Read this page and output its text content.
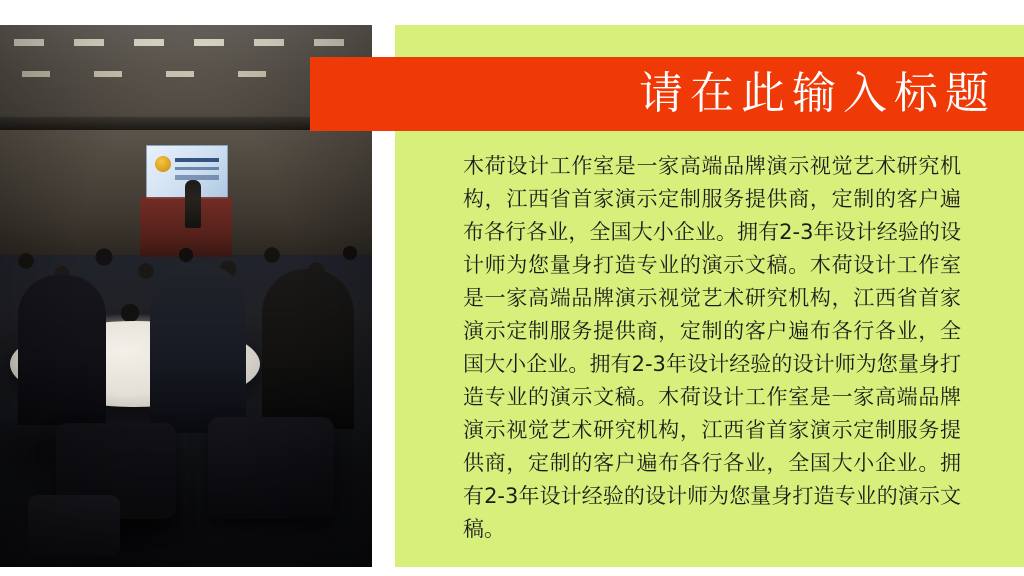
请在此输入标题
木荷设计工作室是一家高端品牌演示视觉艺术研究机构，江西省首家演示定制服务提供商，定制的客户遍布各行各业，全国大小企业。拥有2-3年设计经验的设计师为您量身打造专业的演示文稿。木荷设计工作室是一家高端品牌演示视觉艺术研究机构，江西省首家演示定制服务提供商，定制的客户遍布各行各业，全国大小企业。拥有2-3年设计经验的设计师为您量身打造专业的演示文稿。木荷设计工作室是一家高端品牌演示视觉艺术研究机构，江西省首家演示定制服务提供商，定制的客户遍布各行各业，全国大小企业。拥有2-3年设计经验的设计师为您量身打造专业的演示文稿。
